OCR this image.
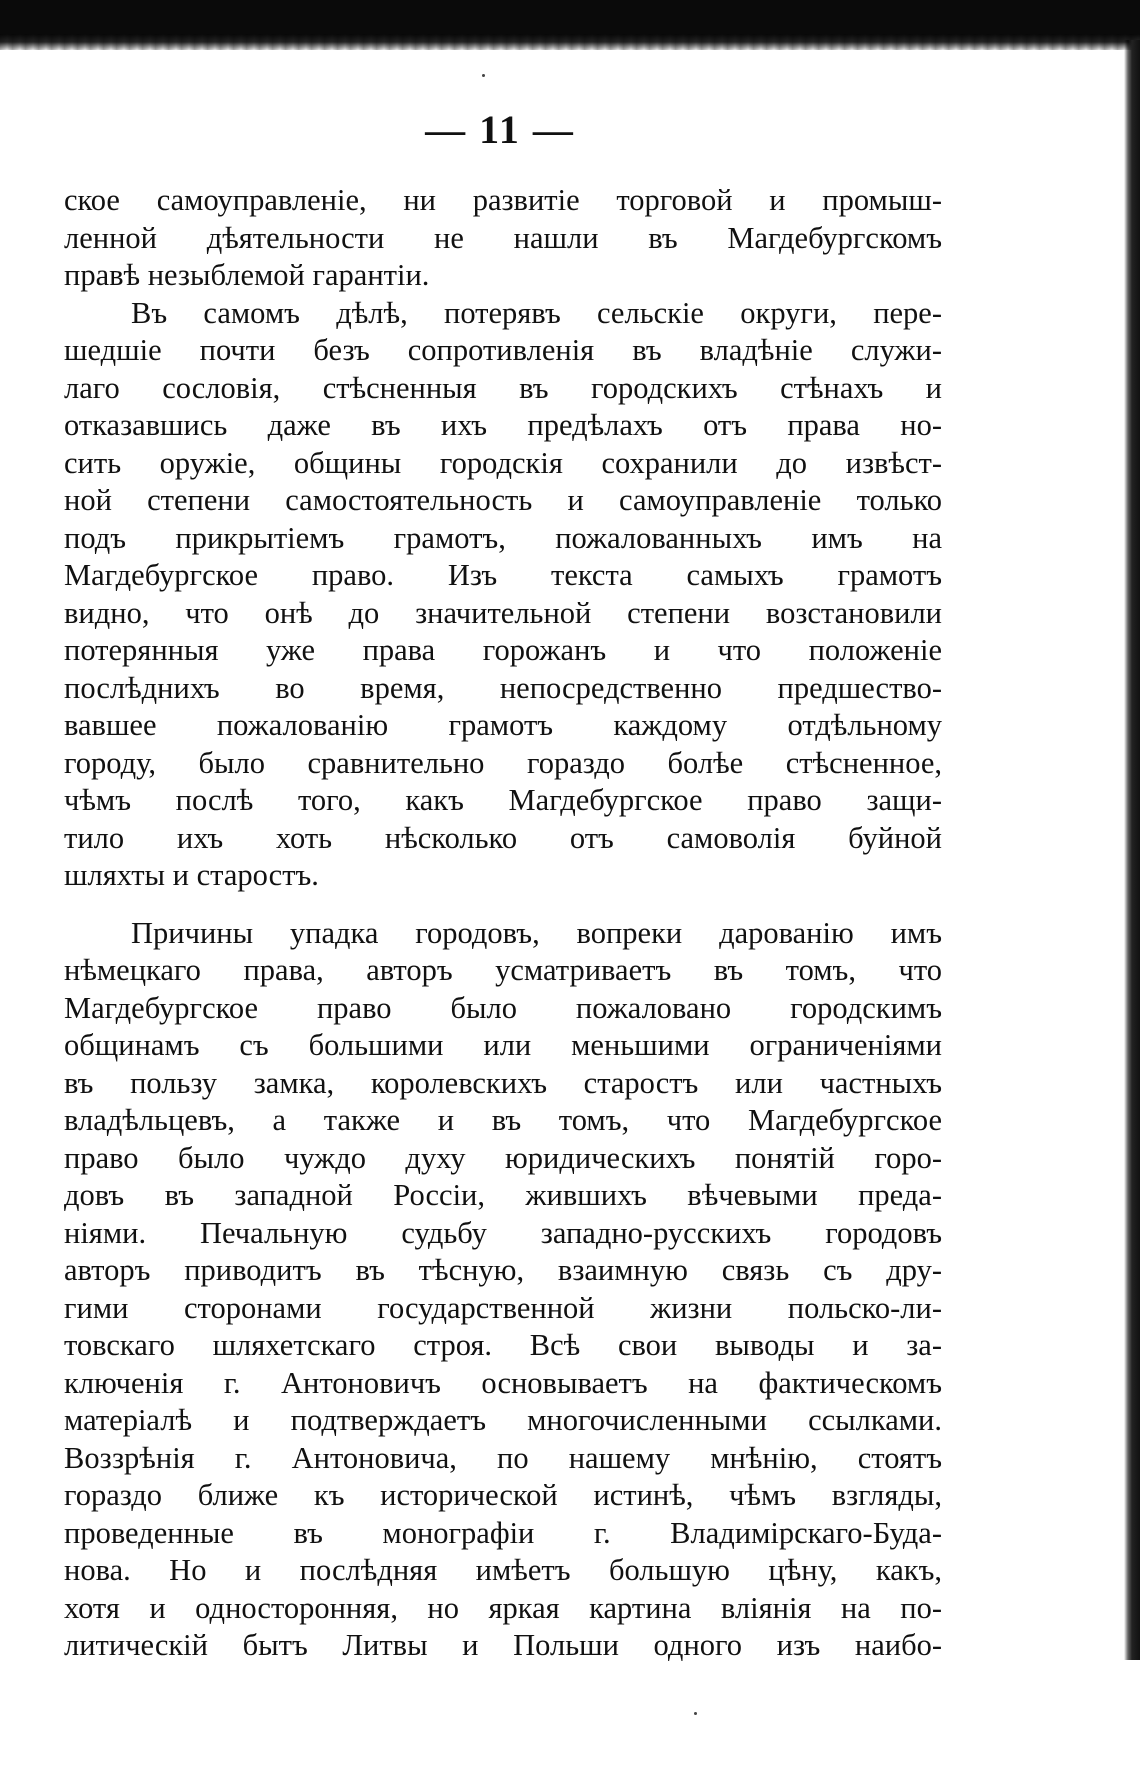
— 11 —
ское самоуправленіе, ни развитіе торговой и промыш-
ленной дѣятельности не нашли въ Магдебургскомъ
правѣ незыблемой гарантіи.
Въ самомъ дѣлѣ, потерявъ сельскіе округи, пере-
шедшіе почти безъ сопротивленія въ владѣніе служи-
лаго сословія, стѣсненныя въ городскихъ стѣнахъ и
отказавшись даже въ ихъ предѣлахъ отъ права но-
сить оружіе, общины городскія сохранили до извѣст-
ной степени самостоятельность и самоуправленіе только
подъ прикрытіемъ грамотъ, пожалованныхъ имъ на
Магдебургское право. Изъ текста самыхъ грамотъ
видно, что онѣ до значительной степени возстановили
потерянныя уже права горожанъ и что положеніе
послѣднихъ во время, непосредственно предшество-
вавшее пожалованію грамотъ каждому отдѣльному
городу, было сравнительно гораздо болѣе стѣсненное,
чѣмъ послѣ того, какъ Магдебургское право защи-
тило ихъ хоть нѣсколько отъ самоволія буйной
шляхты и старостъ.
Причины упадка городовъ, вопреки дарованію имъ
нѣмецкаго права, авторъ усматриваетъ въ томъ, что
Магдебургское право было пожаловано городскимъ
общинамъ съ большими или меньшими ограниченіями
въ пользу замка, королевскихъ старостъ или частныхъ
владѣльцевъ, а также и въ томъ, что Магдебургское
право было чуждо духу юридическихъ понятій горо-
довъ въ западной Россіи, жившихъ вѣчевыми преда-
ніями. Печальную судьбу западно-русскихъ городовъ
авторъ приводитъ въ тѣсную, взаимную связь съ дру-
гими сторонами государственной жизни польско-ли-
товскаго шляхетскаго строя. Всѣ свои выводы и за-
ключенія г. Антоновичъ основываетъ на фактическомъ
матеріалѣ и подтверждаетъ многочисленными ссылками.
Воззрѣнія г. Антоновича, по нашему мнѣнію, стоятъ
гораздо ближе къ исторической истинѣ, чѣмъ взгляды,
проведенные въ монографіи г. Владимірскаго-Буда-
нова. Но и послѣдняя имѣетъ большую цѣну, какъ,
хотя и односторонняя, но яркая картина вліянія на по-
литическій бытъ Литвы и Польши одного изъ наибо-
